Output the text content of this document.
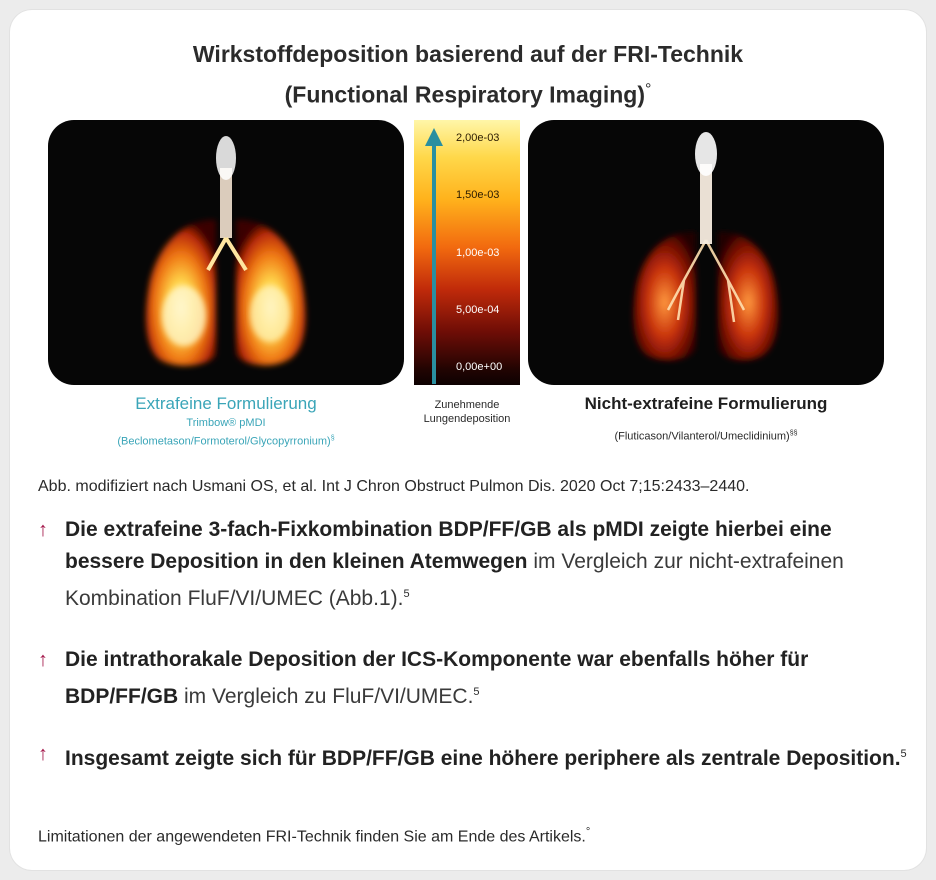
Wirkstoffdeposition basierend auf der FRI-Technik
(Functional Respiratory Imaging)°
2,00e-03
1,50e-03
1,00e-03
5,00e-04
0,00e+00
Extrafeine Formulierung
Trimbow® pMDI
(Beclometason/Formoterol/Glycopyrronium)§
Zunehmende
Lungendeposition
Nicht-extrafeine Formulierung
(Fluticason/Vilanterol/Umeclidinium)§§
Abb. modifiziert nach Usmani OS, et al. Int J Chron Obstruct Pulmon Dis. 2020 Oct 7;15:2433–2440.
↑ Die extrafeine 3-fach-Fixkombination BDP/FF/GB als pMDI zeigte hierbei eine bessere Deposition in den kleinen Atemwegen im Vergleich zur nicht-extrafeinen Kombination FluF/VI/UMEC (Abb.1).$^5$
↑ Die intrathorakale Deposition der ICS-Komponente war ebenfalls höher für BDP/FF/GB im Vergleich zu FluF/VI/UMEC.$^5$
↑ Insgesamt zeigte sich für BDP/FF/GB eine höhere periphere als zentrale Deposition.$^5$
Limitationen der angewendeten FRI-Technik finden Sie am Ende des Artikels.°
